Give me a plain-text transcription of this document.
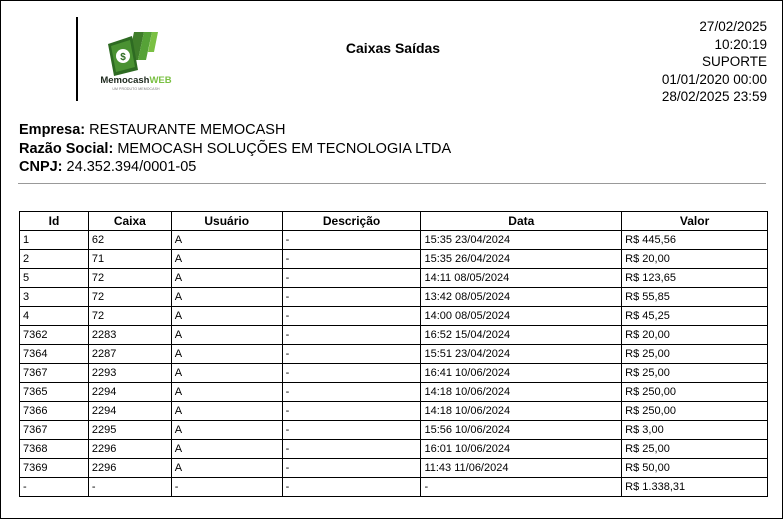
$
MemocashWEB
UM PRODUTO MEMOCASH
Caixas Saídas
27/02/2025
10:20:19
SUPORTE
01/01/2020 00:00
28/02/2025 23:59
Empresa: RESTAURANTE MEMOCASH
Razão Social: MEMOCASH SOLUÇÕES EM TECNOLOGIA LTDA
CNPJ: 24.352.394/0001-05
Id	Caixa	Usuário	Descrição	Data	Valor
1	62	A	-	15:35 23/04/2024	R$ 445,56
2	71	A	-	15:35 26/04/2024	R$ 20,00
5	72	A	-	14:11 08/05/2024	R$ 123,65
3	72	A	-	13:42 08/05/2024	R$ 55,85
4	72	A	-	14:00 08/05/2024	R$ 45,25
7362	2283	A	-	16:52 15/04/2024	R$ 20,00
7364	2287	A	-	15:51 23/04/2024	R$ 25,00
7367	2293	A	-	16:41 10/06/2024	R$ 25,00
7365	2294	A	-	14:18 10/06/2024	R$ 250,00
7366	2294	A	-	14:18 10/06/2024	R$ 250,00
7367	2295	A	-	15:56 10/06/2024	R$ 3,00
7368	2296	A	-	16:01 10/06/2024	R$ 25,00
7369	2296	A	-	11:43 11/06/2024	R$ 50,00
-	-	-	-	-	R$ 1.338,31
